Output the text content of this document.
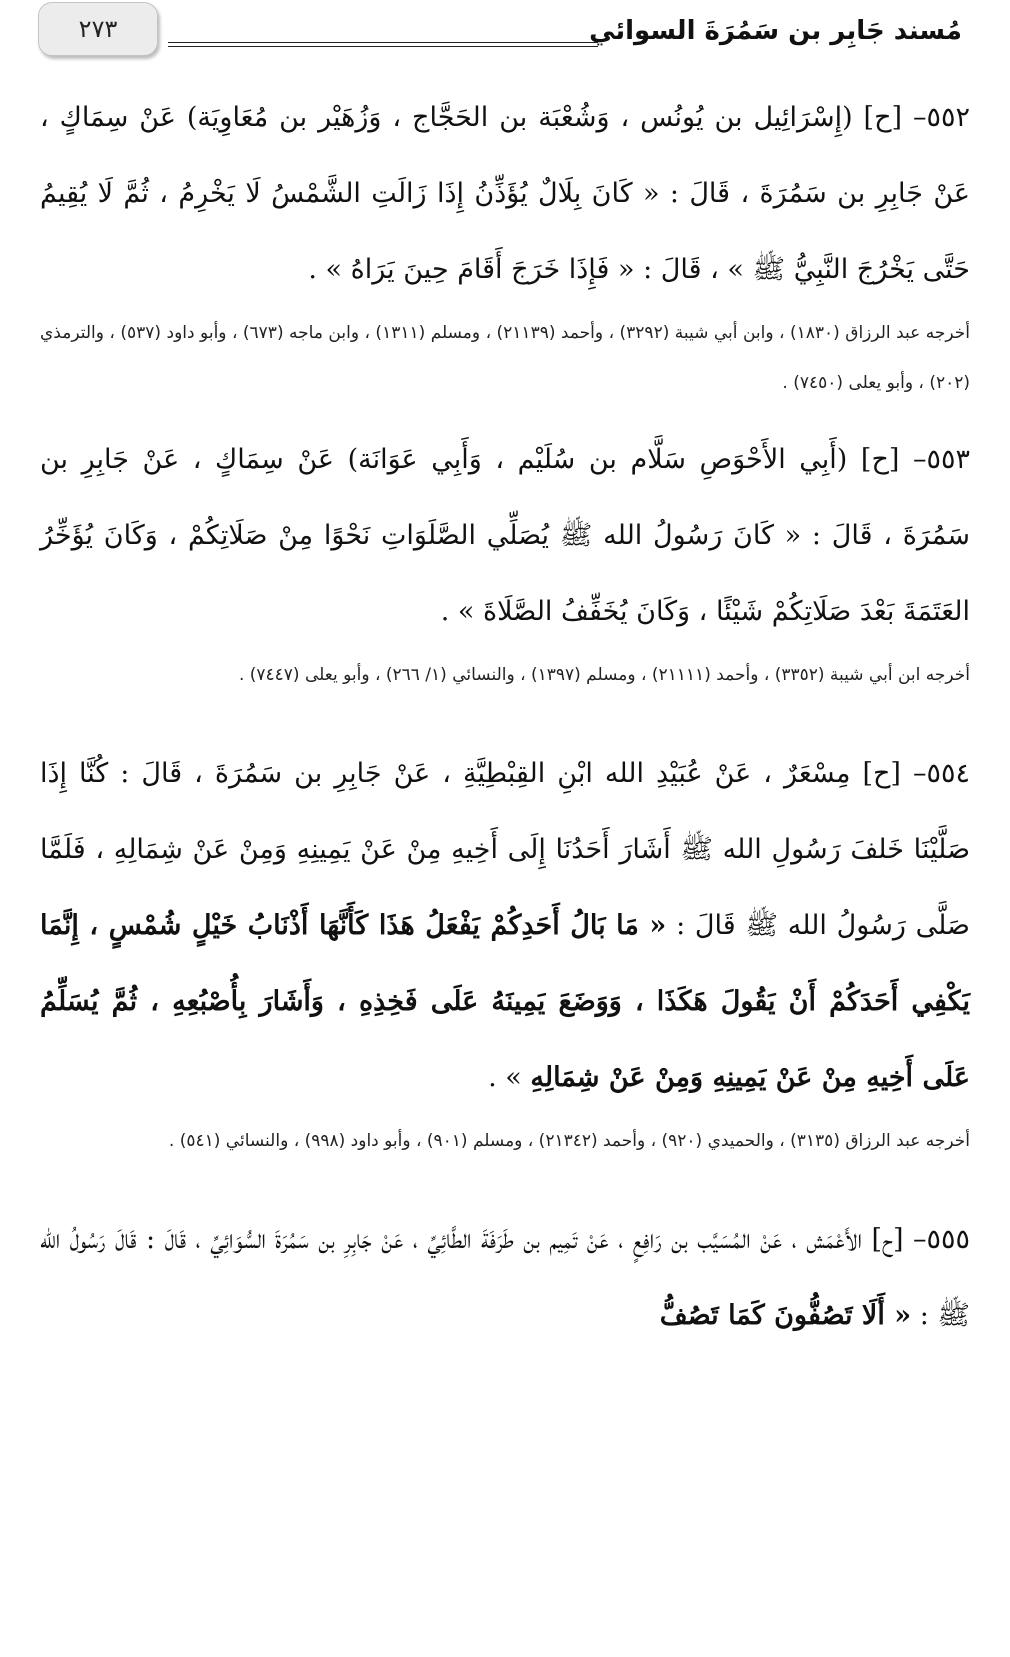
مُسند جَابِر بن سَمُرَةَ السوائي
٢٧٣

٥٥٢– [ح] (إِسْرَائِيل بن يُونُس ، وَشُعْبَة بن الحَجَّاج ، وَزُهَيْر بن مُعَاوِيَة) عَنْ سِمَاكٍ ، عَنْ جَابِرِ بن سَمُرَةَ ، قَالَ : « كَانَ بِلَالٌ يُؤَذِّنُ إِذَا زَالَتِ الشَّمْسُ لَا يَخْرِمُ ، ثُمَّ لَا يُقِيمُ حَتَّى يَخْرُجَ النَّبِيُّ ﷺ » ، قَالَ : « فَإِذَا خَرَجَ أَقَامَ حِينَ يَرَاهُ » .

أخرجه عبد الرزاق (١٨٣٠) ، وابن أبي شيبة (٣٢٩٢) ، وأحمد (٢١١٣٩) ، ومسلم (١٣١١) ، وابن ماجه (٦٧٣) ، وأبو داود (٥٣٧) ، والترمذي (٢٠٢) ، وأبو يعلى (٧٤٥٠) .

٥٥٣– [ح] (أَبِي الأَحْوَصِ سَلَّام بن سُلَيْم ، وَأَبِي عَوَانَة) عَنْ سِمَاكٍ ، عَنْ جَابِرِ بن سَمُرَةَ ، قَالَ : « كَانَ رَسُولُ الله ﷺ يُصَلِّي الصَّلَوَاتِ نَحْوًا مِنْ صَلَاتِكُمْ ، وَكَانَ يُؤَخِّرُ العَتَمَةَ بَعْدَ صَلَاتِكُمْ شَيْئًا ، وَكَانَ يُخَفِّفُ الصَّلَاةَ » .

أخرجه ابن أبي شيبة (٣٣٥٢) ، وأحمد (٢١١١١) ، ومسلم (١٣٩٧) ، والنسائي (١/ ٢٦٦) ، وأبو يعلى (٧٤٤٧) .

٥٥٤– [ح] مِسْعَرٌ ، عَنْ عُبَيْدِ الله ابْنِ القِبْطِيَّةِ ، عَنْ جَابِرِ بن سَمُرَةَ ، قَالَ : كُنَّا إِذَا صَلَّيْنَا خَلفَ رَسُولِ الله ﷺ أَشَارَ أَحَدُنَا إِلَى أَخِيهِ مِنْ عَنْ يَمِينِهِ وَمِنْ عَنْ شِمَالِهِ ، فَلَمَّا صَلَّى رَسُولُ الله ﷺ قَالَ : « مَا بَالُ أَحَدِكُمْ يَفْعَلُ هَذَا كَأَنَّهَا أَذْنَابُ خَيْلٍ شُمْسٍ ، إِنَّمَا يَكْفِي أَحَدَكُمْ أَنْ يَقُولَ هَكَذَا ، وَوَضَعَ يَمِينَهُ عَلَى فَخِذِهِ ، وَأَشَارَ بِأُصْبُعِهِ ، ثُمَّ يُسَلِّمُ عَلَى أَخِيهِ مِنْ عَنْ يَمِينِهِ وَمِنْ عَنْ شِمَالِهِ » .

أخرجه عبد الرزاق (٣١٣٥) ، والحميدي (٩٢٠) ، وأحمد (٢١٣٤٢) ، ومسلم (٩٠١) ، وأبو داود (٩٩٨) ، والنسائي (٥٤١) .

٥٥٥– [ح] الأَعْمَش ، عَنْ المُسَيَّب بن رَافِعٍ ، عَنْ تَمِيم بن طَرَفَةَ الطَّائِيِّ ، عَنْ جَابِرِ بن سَمُرَةَ السُّوَائِيِّ ، قَالَ : قَالَ رَسُولُ الله ﷺ : « أَلَا تَصُفُّونَ كَمَا تَصُفُّ
